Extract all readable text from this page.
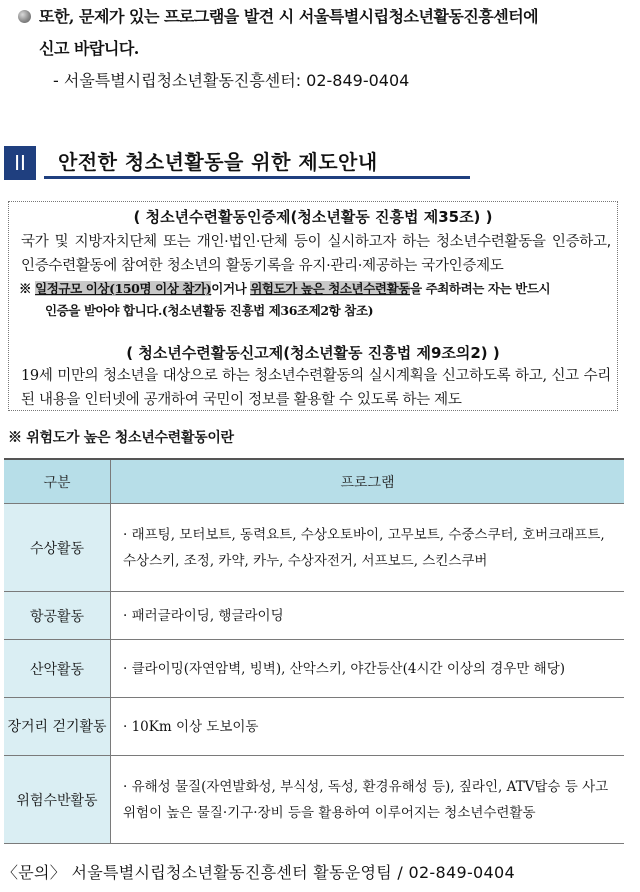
또한, 문제가 있는 프로그램을 발견 시 서울특별시립청소년활동진흥센터에
신고 바랍니다.
- 서울특별시립청소년활동진흥센터: 02-849-0404
II	안전한 청소년활동을 위한 제도안내
( 청소년수련활동인증제(청소년활동 진흥법 제35조) )
국가 및 지방자치단체 또는 개인·법인·단체 등이 실시하고자 하는 청소년수련활동을 인증하고, 인증수련활동에 참여한 청소년의 활동기록을 유지·관리·제공하는 국가인증제도
※ 일정규모 이상(150명 이상 참가)이거나 위험도가 높은 청소년수련활동을 주최하려는 자는 반드시
인증을 받아야 합니다.(청소년활동 진흥법 제36조제2항 참조)
( 청소년수련활동신고제(청소년활동 진흥법 제9조의2) )
19세 미만의 청소년을 대상으로 하는 청소년수련활동의 실시계획을 신고하도록 하고, 신고 수리된 내용을 인터넷에 공개하여 국민이 정보를 활용할 수 있도록 하는 제도
※ 위험도가 높은 청소년수련활동이란
구분	프로그램
수상활동	· 래프팅, 모터보트, 동력요트, 수상오토바이, 고무보트, 수중스쿠터, 호버크래프트, 수상스키, 조정, 카약, 카누, 수상자전거, 서프보드, 스킨스쿠버
항공활동	· 패러글라이딩, 행글라이딩
산악활동	· 클라이밍(자연암벽, 빙벽), 산악스키, 야간등산(4시간 이상의 경우만 해당)
장거리 걷기활동	· 10Km 이상 도보이동
위험수반활동	· 유해성 물질(자연발화성, 부식성, 독성, 환경유해성 등), 짚라인, ATV탑승 등 사고위험이 높은 물질·기구·장비 등을 활용하여 이루어지는 청소년수련활동
〈문의〉 서울특별시립청소년활동진흥센터 활동운영팀 / 02-849-0404
